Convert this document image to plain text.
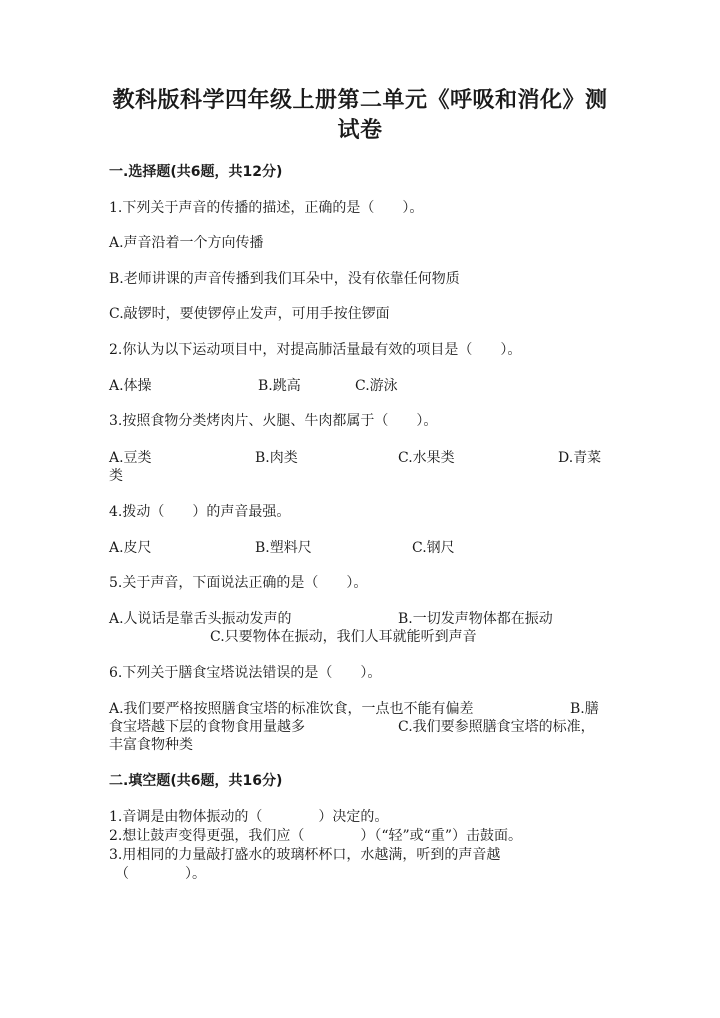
教科版科学四年级上册第二单元《呼吸和消化》测
试卷
一.选择题(共6题，共12分)
1.下列关于声音的传播的描述，正确的是（　　）。
A.声音沿着一个方向传播
B.老师讲课的声音传播到我们耳朵中，没有依靠任何物质
C.敲锣时，要使锣停止发声，可用手按住锣面
2.你认为以下运动项目中，对提高肺活量最有效的项目是（　　）。
A.体操	B.跳高	C.游泳
3.按照食物分类烤肉片、火腿、牛肉都属于（　　）。
A.豆类	B.肉类	C.水果类	D.青菜
类
4.拨动（　　）的声音最强。
A.皮尺	B.塑料尺	C.钢尺
5.关于声音，下面说法正确的是（　　）。
A.人说话是靠舌头振动发声的	B.一切发声物体都在振动
C.只要物体在振动，我们人耳就能听到声音
6.下列关于膳食宝塔说法错误的是（　　）。
A.我们要严格按照膳食宝塔的标准饮食，一点也不能有偏差	B.膳
食宝塔越下层的食物食用量越多	C.我们要参照膳食宝塔的标准，
丰富食物种类
二.填空题(共6题，共16分)
1.音调是由物体振动的（　　　　）决定的。
2.想让鼓声变得更强，我们应（　　　　）（“轻”或“重”）击鼓面。
3.用相同的力量敲打盛水的玻璃杯杯口，水越满，听到的声音越
（　　　　）。
